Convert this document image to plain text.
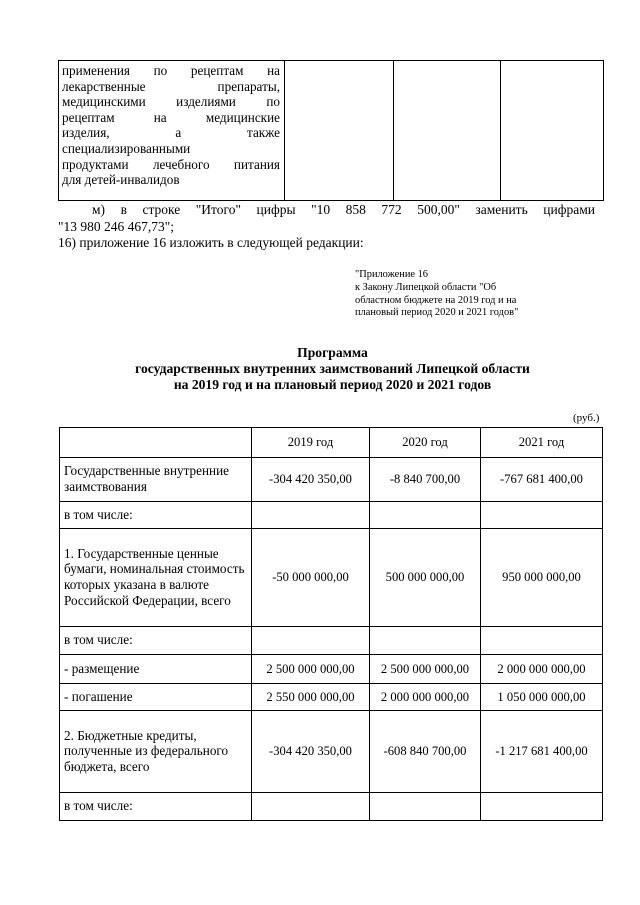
применения по рецептам на
лекарственные препараты,
медицинскими изделиями по
рецептам на медицинские
изделия, а также
специализированными
продуктами лечебного питания
для детей-инвалидов

м) в строке "Итого" цифры "10 858 772 500,00" заменить цифрами
"13 980 246 467,73";
16) приложение 16 изложить в следующей редакции:
"Приложение 16
к Закону Липецкой области "Об
областном бюджете на 2019 год и на
плановый период 2020 и 2021 годов"
Программа
государственных внутренних заимствований Липецкой области
на 2019 год и на плановый период 2020 и 2021 годов
(руб.)
	2019 год	2020 год	2021 год
Государственные внутренние заимствования	-304 420 350,00	-8 840 700,00	-767 681 400,00
в том числе:			
1. Государственные ценные бумаги, номинальная стоимость которых указана в валюте Российской Федерации, всего	-50 000 000,00	500 000 000,00	950 000 000,00
в том числе:			
- размещение	2 500 000 000,00	2 500 000 000,00	2 000 000 000,00
- погашение	2 550 000 000,00	2 000 000 000,00	1 050 000 000,00
2. Бюджетные кредиты, полученные из федерального бюджета, всего	-304 420 350,00	-608 840 700,00	-1 217 681 400,00
в том числе:			
